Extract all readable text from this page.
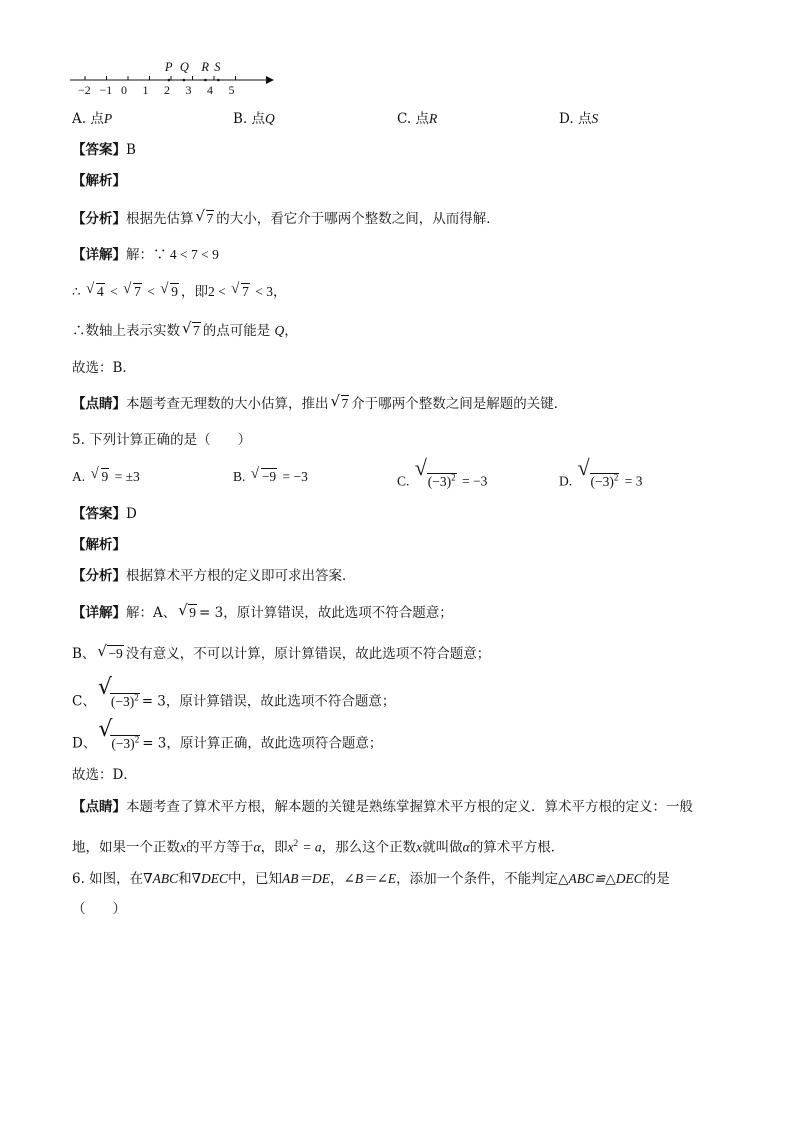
−2 −1 0 1 2 3 4 5
P Q R S
A. 点P	B. 点Q	C. 点R	D. 点S
【答案】B
【解析】
【分析】根据先估算 √ 7 的大小，看它介于哪两个整数之间，从而得解．
【详解】解：∵ 4 < 7 < 9
∴ √ 4 < √ 7 < √ 9 ，即2 < √ 7 < 3，
∴数轴上表示实数 √ 7 的点可能是 Q，
故选：B．
【点睛】本题考查无理数的大小估算，推出 √ 7 介于哪两个整数之间是解题的关键．
5. 下列计算正确的是（　　）
A. √ 9 = ±3	B. √ −9 = −3	C.
√
$(-3)^2 = -3$	D.
√
$(-3)^2 = 3$
【答案】D
【解析】
【分析】根据算术平方根的定义即可求出答案．
【详解】解：A、 √ 9 = 3，原计算错误，故此选项不符合题意；
B、 √ −9 没有意义，不可以计算，原计算错误，故此选项不符合题意；
C、
√
$(-3)^2 = 3$，原计算错误，故此选项不符合题意；
D、
√
$(-3)^2 = 3$，原计算正确，故此选项符合题意；
故选：D．
【点睛】本题考查了算术平方根，解本题的关键是熟练掌握算术平方根的定义．算术平方根的定义：一般
地，如果一个正数x的平方等于α，即$x^2 = a$，那么这个正数x就叫做α的算术平方根．
6. 如图，在∇ABC和∇DEC中，已知AB＝DE，∠B＝∠E，添加一个条件，不能判定△ABC≌△DEC的是
（　　）
